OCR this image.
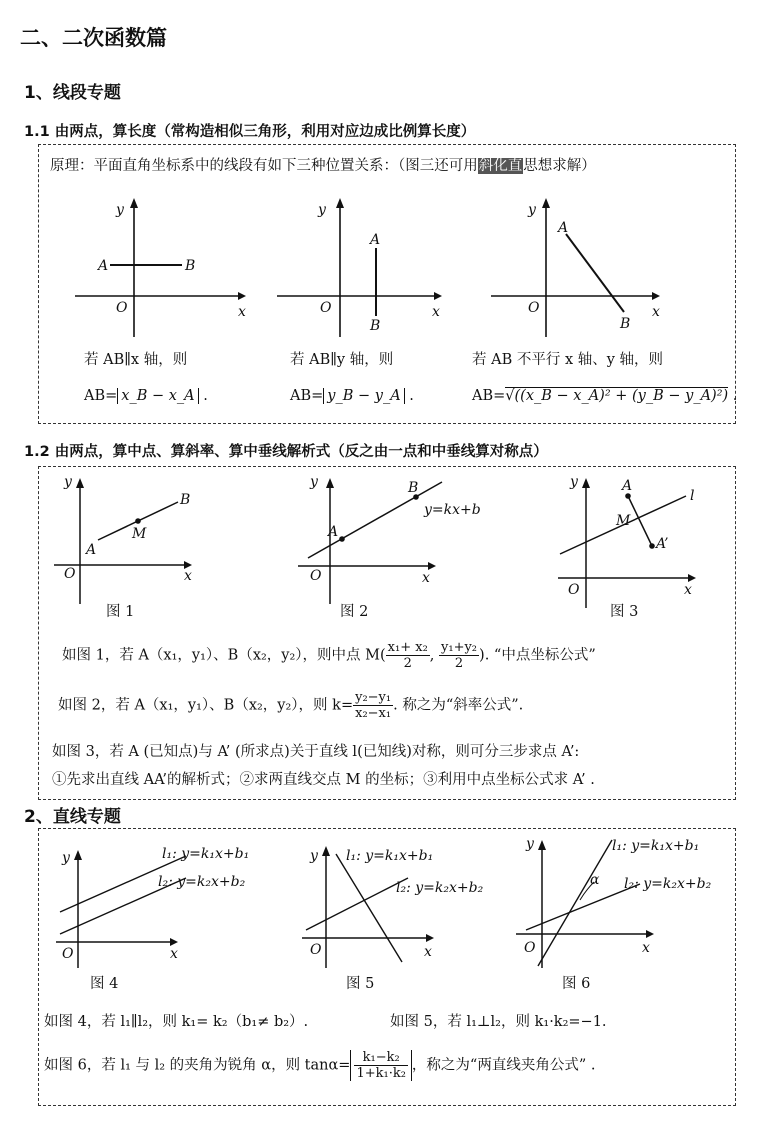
二、二次函数篇
1、线段专题
1.1 由两点，算长度（常构造相似三角形，利用对应边成比例算长度）
原理：平面直角坐标系中的线段有如下三种位置关系：（图三还可用斜化直思想求解）
x
y
O
A	B
x
y
O
A
B
x
y
O
A
B
若 AB∥x 轴，则	若 AB∥y 轴，则	若 AB 不平行 x 轴、y 轴，则
AB= x_B − x_A .	AB= y_B − y_A .	AB=√((x_B − x_A)² + (y_B − y_A)²) .
1.2 由两点，算中点、算斜率、算中垂线解析式（反之由一点和中垂线算对称点）
x
y
O
A
B
M
图 1
x
y
O
A
B
y=kx+b
图 2
x
y
O
A
M
A’
l
图 3
如图 1，若 A（x₁，y₁）、B（x₂，y₂），则中点 $M( \frac{\text{x₁+ x₂}}{2}$ , $\frac{\text{y₁+y₂}}{2}$ ). “中点坐标公式”
如图 2，若 A（x₁，y₁）、B（x₂，y₂），则 $k= \frac{\text{y₂−y₁}}{\text{x₂−x₁}}$ . 称之为“斜率公式”.
如图 3，若 A (已知点)与 A’ (所求点)关于直线 l(已知线)对称，则可分三步求点 A’:
①先求出直线 AA’的解析式；②求两直线交点 M 的坐标；③利用中点坐标公式求 A’ .
2、直线专题
x
y
O
l₁: y=k₁x+b₁
l₂: y=k₂x+b₂
图 4
x
y
O
l₁: y=k₁x+b₁
l₂: y=k₂x+b₂
图 5
x
y
O
l₁: y=k₁x+b₁
l₂: y=k₂x+b₂
α
图 6
如图 4，若 l₁∥l₂，则 k₁= k₂（b₁≠ b₂）.	如图 5，若 l₁⊥l₂，则 k₁·k₂=−1.
如图 6，若 l₁ 与 l₂ 的夹角为锐角 α，则 $\tan\alpha= \frac{\text{k₁−k₂}}{\text{1+k₁·k₂}}$ ，称之为“两直线夹角公式” .
